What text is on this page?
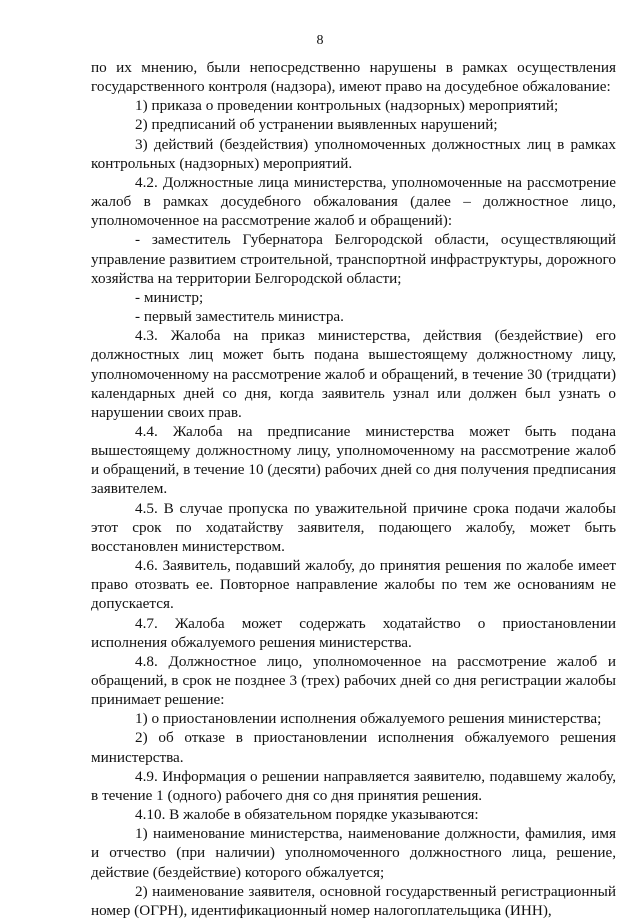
8

по их мнению, были непосредственно нарушены в рамках осуществления государственного контроля (надзора), имеют право на досудебное обжалование:

1) приказа о проведении контрольных (надзорных) мероприятий;

2) предписаний об устранении выявленных нарушений;

3) действий (бездействия) уполномоченных должностных лиц в рамках контрольных (надзорных) мероприятий.

4.2. Должностные лица министерства, уполномоченные на рассмотрение жалоб в рамках досудебного обжалования (далее – должностное лицо, уполномоченное на рассмотрение жалоб и обращений):

- заместитель Губернатора Белгородской области, осуществляющий управление развитием строительной, транспортной инфраструктуры, дорожного хозяйства на территории Белгородской области;

- министр;

- первый заместитель министра.

4.3. Жалоба на приказ министерства, действия (бездействие) его должностных лиц может быть подана вышестоящему должностному лицу, уполномоченному на рассмотрение жалоб и обращений, в течение 30 (тридцати) календарных дней со дня, когда заявитель узнал или должен был узнать о нарушении своих прав.

4.4. Жалоба на предписание министерства может быть подана вышестоящему должностному лицу, уполномоченному на рассмотрение жалоб и обращений, в течение 10 (десяти) рабочих дней со дня получения предписания заявителем.

4.5. В случае пропуска по уважительной причине срока подачи жалобы этот срок по ходатайству заявителя, подающего жалобу, может быть восстановлен министерством.

4.6. Заявитель, подавший жалобу, до принятия решения по жалобе имеет право отозвать ее. Повторное направление жалобы по тем же основаниям не допускается.

4.7. Жалоба может содержать ходатайство о приостановлении исполнения обжалуемого решения министерства.

4.8. Должностное лицо, уполномоченное на рассмотрение жалоб и обращений, в срок не позднее 3 (трех) рабочих дней со дня регистрации жалобы принимает решение:

1) о приостановлении исполнения обжалуемого решения министерства;

2) об отказе в приостановлении исполнения обжалуемого решения министерства.

4.9. Информация о решении направляется заявителю, подавшему жалобу, в течение 1 (одного) рабочего дня со дня принятия решения.

4.10. В жалобе в обязательном порядке указываются:

1) наименование министерства, наименование должности, фамилия, имя и отчество (при наличии) уполномоченного должностного лица, решение, действие (бездействие) которого обжалуется;

2) наименование заявителя, основной государственный регистрационный номер (ОГРН), идентификационный номер налогоплательщика (ИНН),
